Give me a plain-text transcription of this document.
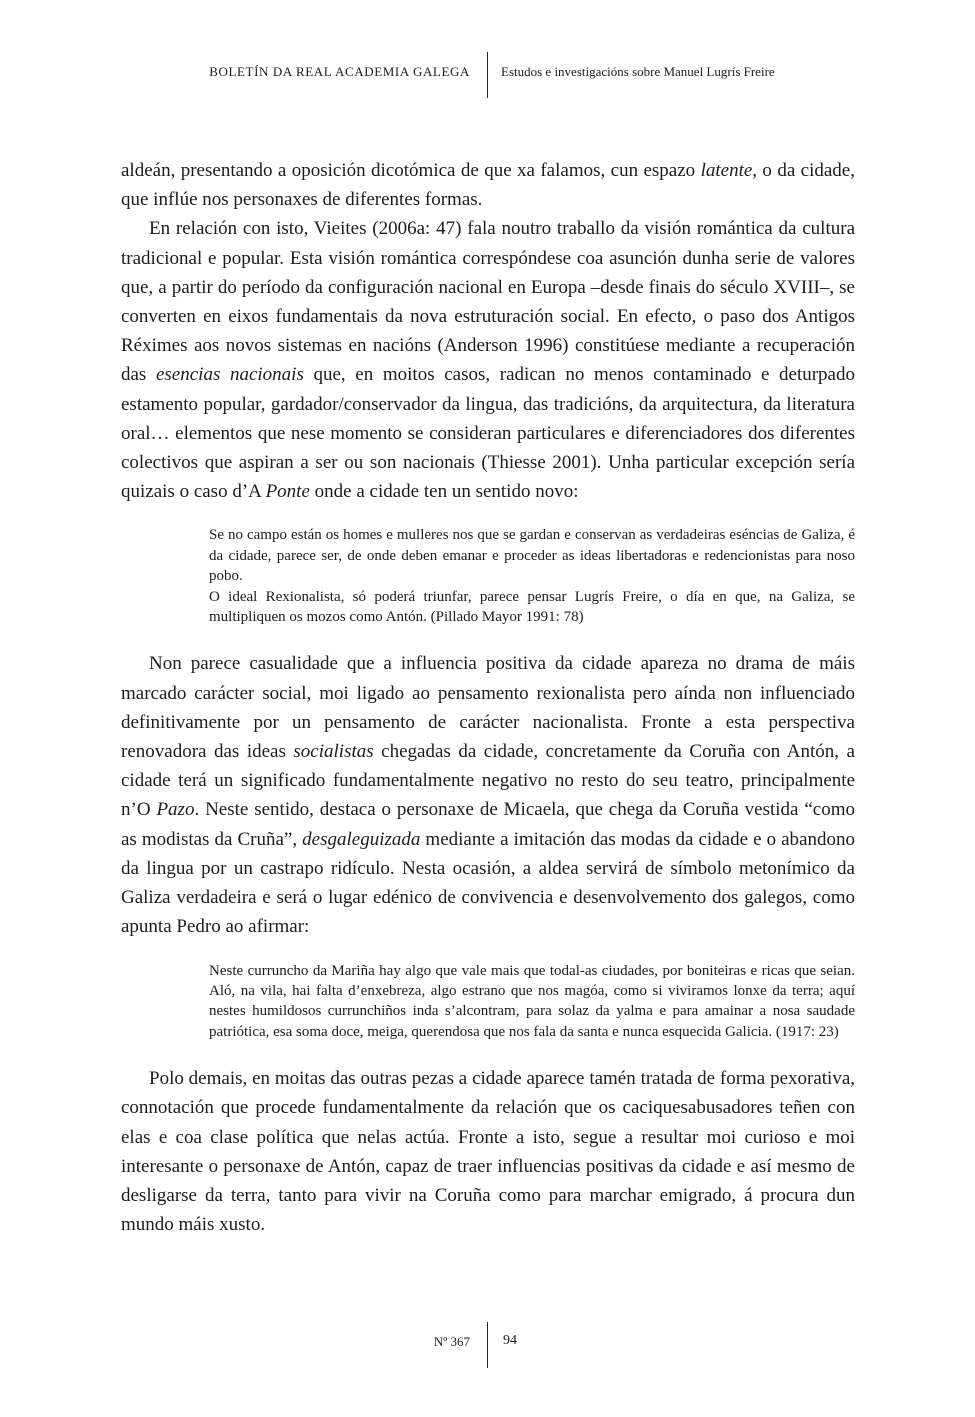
BOLETÍN DA REAL ACADEMIA GALEGA Estudos e investigacións sobre Manuel Lugrís Freire

aldeán, presentando a oposición dicotómica de que xa falamos, cun espazo latente, o da cidade, que inflúe nos personaxes de diferentes formas.

En relación con isto, Vieites (2006a: 47) fala noutro traballo da visión romántica da cultura tradicional e popular. Esta visión romántica correspóndese coa asunción dunha serie de valores que, a partir do período da configuración nacional en Europa –desde finais do século XVIII–, se converten en eixos fundamentais da nova estruturación social. En efecto, o paso dos Antigos Réximes aos novos sistemas en nacións (Anderson 1996) constitúese mediante a recuperación das esencias nacionais que, en moitos casos, radican no menos contaminado e deturpado estamento popular, gardador/conservador da lingua, das tradicións, da arquitectura, da literatura oral… elementos que nese momento se consideran particulares e diferenciadores dos diferentes colectivos que aspiran a ser ou son nacionais (Thiesse 2001). Unha particular excepción sería quizais o caso d’A Ponte onde a cidade ten un sentido novo:

Se no campo están os homes e mulleres nos que se gardan e conservan as verdadeiras eséncias de Galiza, é da cidade, parece ser, de onde deben emanar e proceder as ideas libertadoras e redencionistas para noso pobo.

O ideal Rexionalista, só poderá triunfar, parece pensar Lugrís Freire, o día en que, na Galiza, se multipliquen os mozos como Antón. (Pillado Mayor 1991: 78)

Non parece casualidade que a influencia positiva da cidade apareza no drama de máis marcado carácter social, moi ligado ao pensamento rexionalista pero aínda non influenciado definitivamente por un pensamento de carácter nacionalista. Fronte a esta perspectiva renovadora das ideas socialistas chegadas da cidade, concretamente da Coruña con Antón, a cidade terá un significado fundamentalmente negativo no resto do seu teatro, principalmente n’O Pazo. Neste sentido, destaca o personaxe de Micaela, que chega da Coruña vestida “como as modistas da Cruña”, desgaleguizada mediante a imitación das modas da cidade e o abandono da lingua por un castrapo ridículo. Nesta ocasión, a aldea servirá de símbolo metonímico da Galiza verdadeira e será o lugar edénico de convivencia e desenvolvemento dos galegos, como apunta Pedro ao afirmar:

Neste curruncho da Mariña hay algo que vale mais que todal-as ciudades, por boniteiras e ricas que seian. Aló, na vila, hai falta d’enxebreza, algo estrano que nos magóa, como si viviramos lonxe da terra; aquí nestes humildosos currunchiños inda s’alcontram, para solaz da yalma e para amainar a nosa saudade patriótica, esa soma doce, meiga, querendosa que nos fala da santa e nunca esquecida Galicia. (1917: 23)

Polo demais, en moitas das outras pezas a cidade aparece tamén tratada de forma pexorativa, connotación que procede fundamentalmente da relación que os caciquesabusadores teñen con elas e coa clase política que nelas actúa. Fronte a isto, segue a resultar moi curioso e moi interesante o personaxe de Antón, capaz de traer influencias positivas da cidade e así mesmo de desligarse da terra, tanto para vivir na Coruña como para marchar emigrado, á procura dun mundo máis xusto.

Nº 367 94
